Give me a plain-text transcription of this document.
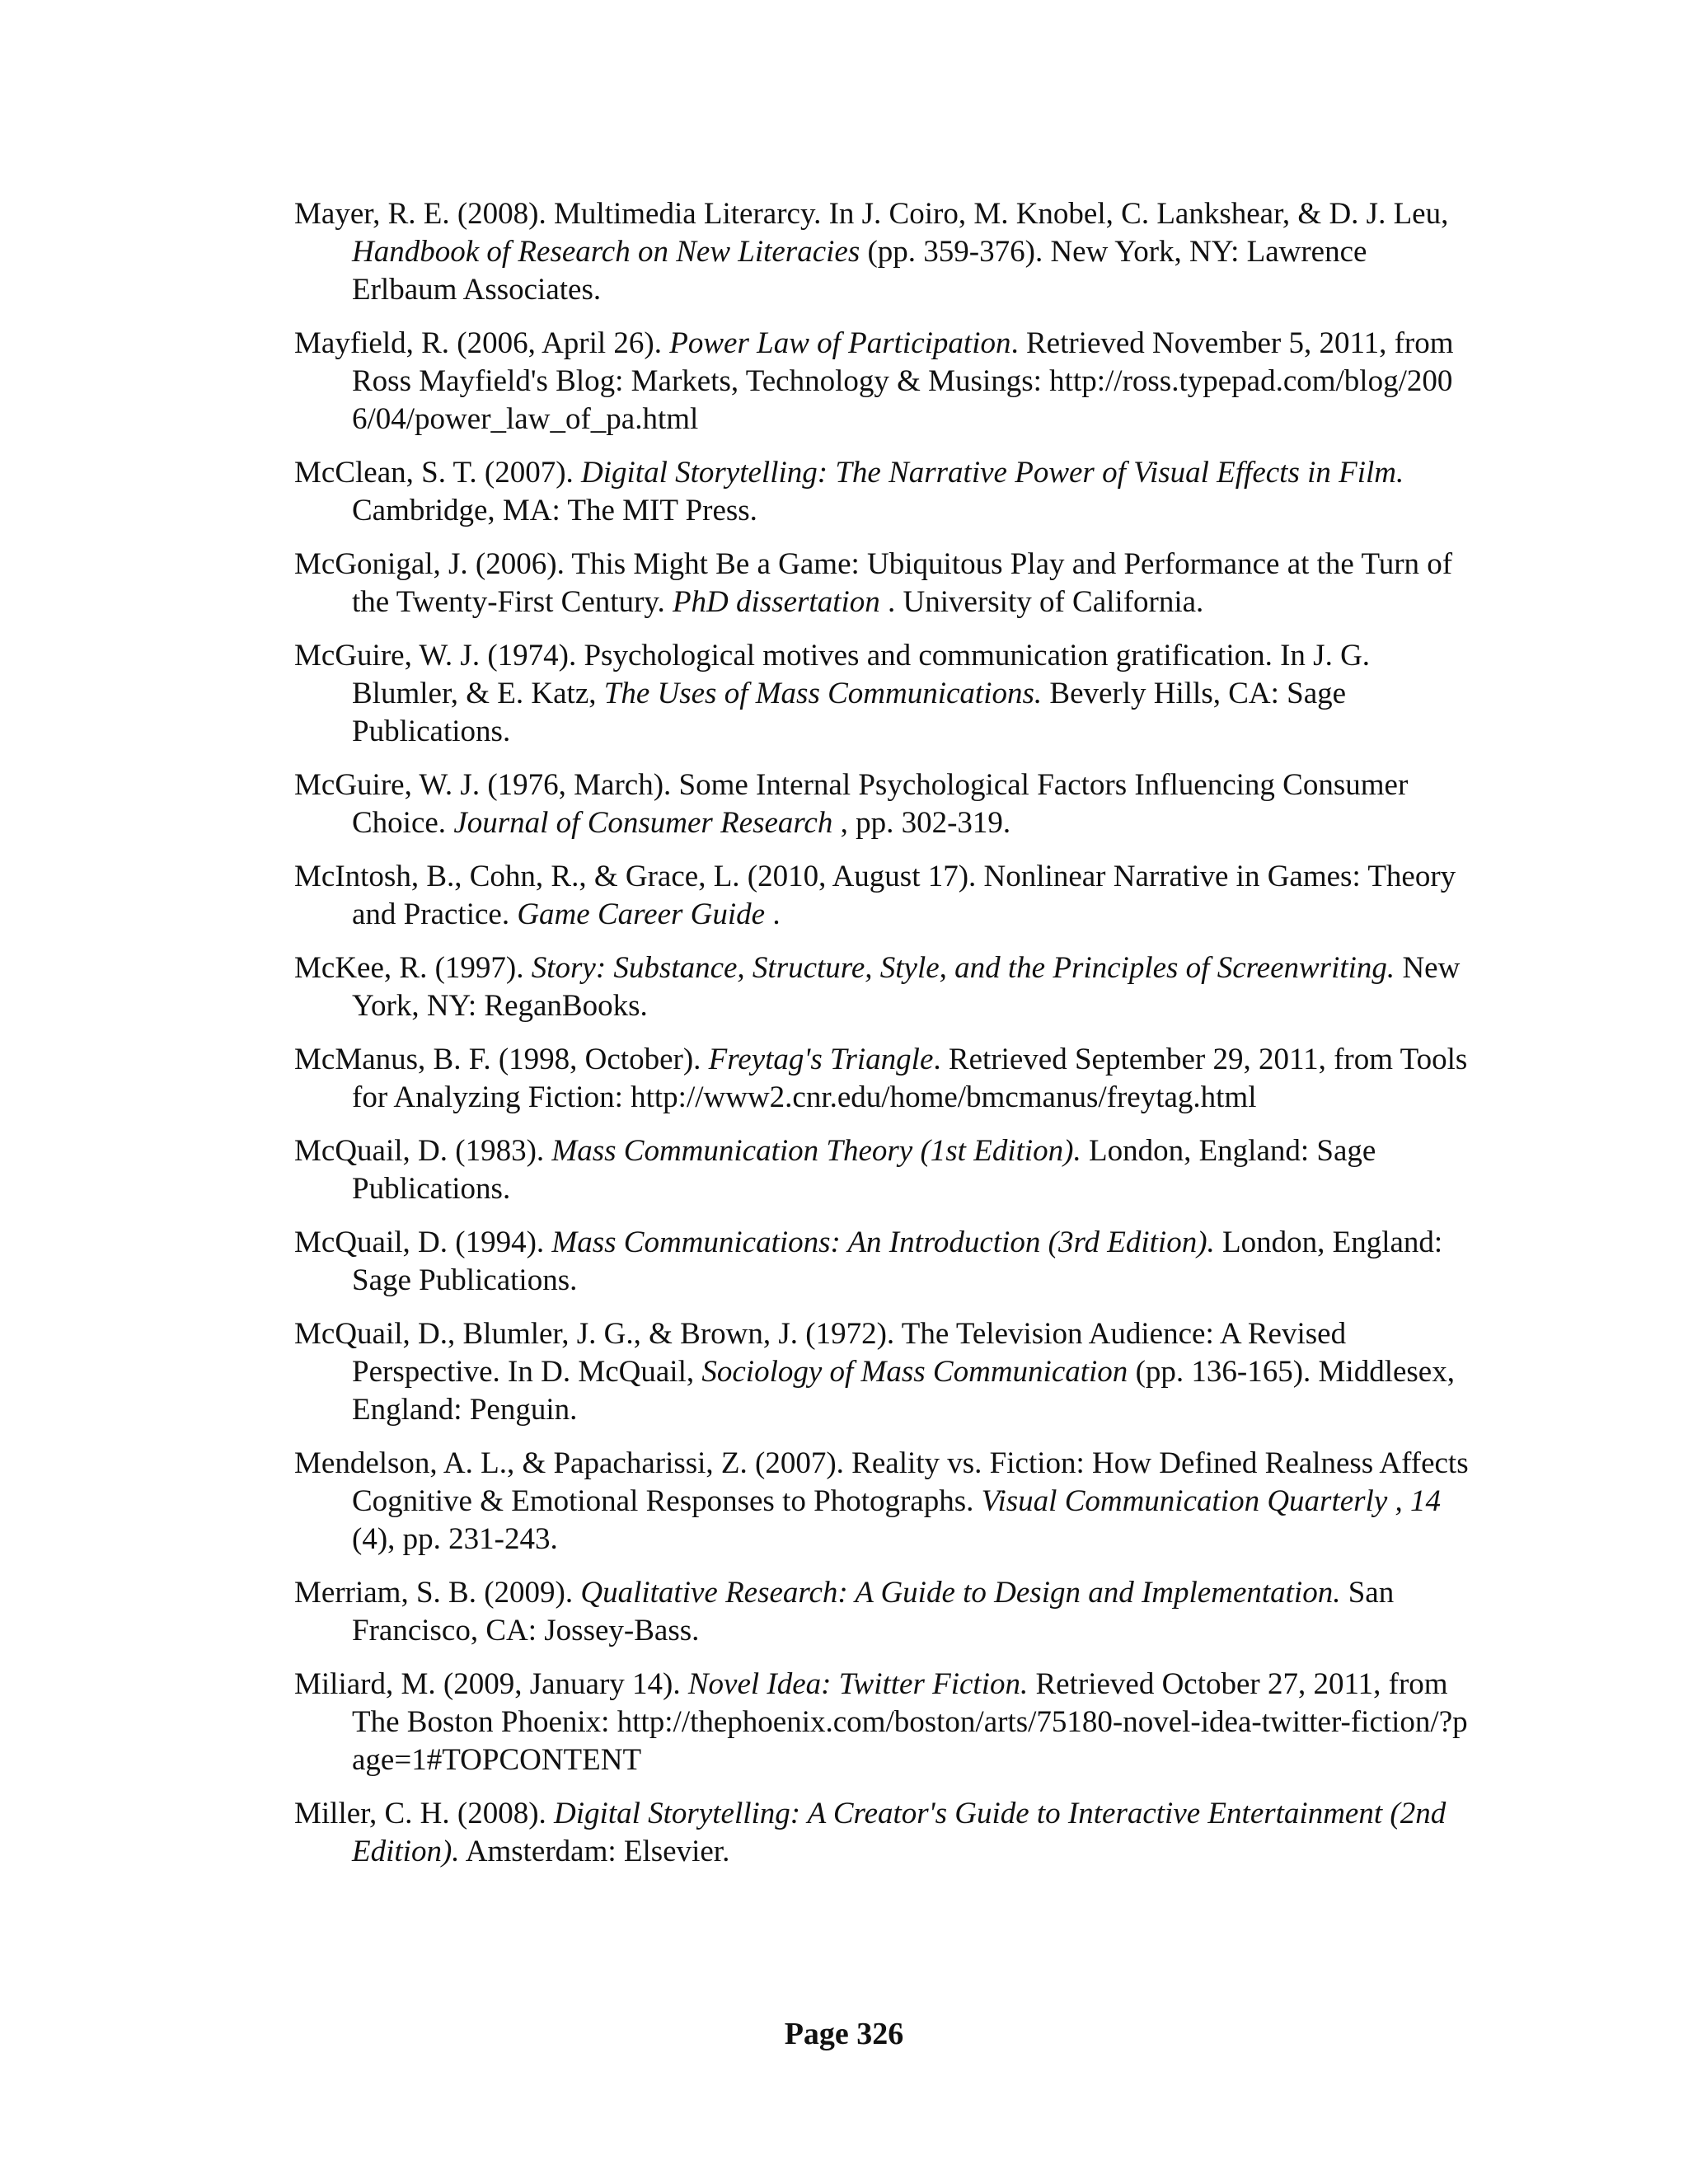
Mayer, R. E. (2008). Multimedia Literarcy. In J. Coiro, M. Knobel, C. Lankshear, & D. J. Leu, Handbook of Research on New Literacies (pp. 359-376). New York, NY: Lawrence Erlbaum Associates.

Mayfield, R. (2006, April 26). Power Law of Participation. Retrieved November 5, 2011, from Ross Mayfield's Blog: Markets, Technology & Musings: http://ross.typepad.com/blog/2006/04/power_law_of_pa.html

McClean, S. T. (2007). Digital Storytelling: The Narrative Power of Visual Effects in Film. Cambridge, MA: The MIT Press.

McGonigal, J. (2006). This Might Be a Game: Ubiquitous Play and Performance at the Turn of the Twenty-First Century. PhD dissertation . University of California.

McGuire, W. J. (1974). Psychological motives and communication gratification. In J. G. Blumler, & E. Katz, The Uses of Mass Communications. Beverly Hills, CA: Sage Publications.

McGuire, W. J. (1976, March). Some Internal Psychological Factors Influencing Consumer Choice. Journal of Consumer Research , pp. 302-319.

McIntosh, B., Cohn, R., & Grace, L. (2010, August 17). Nonlinear Narrative in Games: Theory and Practice. Game Career Guide .

McKee, R. (1997). Story: Substance, Structure, Style, and the Principles of Screenwriting. New York, NY: ReganBooks.

McManus, B. F. (1998, October). Freytag's Triangle. Retrieved September 29, 2011, from Tools for Analyzing Fiction: http://www2.cnr.edu/home/bmcmanus/freytag.html

McQuail, D. (1983). Mass Communication Theory (1st Edition). London, England: Sage Publications.

McQuail, D. (1994). Mass Communications: An Introduction (3rd Edition). London, England: Sage Publications.

McQuail, D., Blumler, J. G., & Brown, J. (1972). The Television Audience: A Revised Perspective. In D. McQuail, Sociology of Mass Communication (pp. 136-165). Middlesex, England: Penguin.

Mendelson, A. L., & Papacharissi, Z. (2007). Reality vs. Fiction: How Defined Realness Affects Cognitive & Emotional Responses to Photographs. Visual Communication Quarterly , 14 (4), pp. 231-243.

Merriam, S. B. (2009). Qualitative Research: A Guide to Design and Implementation. San Francisco, CA: Jossey-Bass.

Miliard, M. (2009, January 14). Novel Idea: Twitter Fiction. Retrieved October 27, 2011, from The Boston Phoenix: http://thephoenix.com/boston/arts/75180-novel-idea-twitter-fiction/?page=1#TOPCONTENT

Miller, C. H. (2008). Digital Storytelling: A Creator's Guide to Interactive Entertainment (2nd Edition). Amsterdam: Elsevier.

Page 326
